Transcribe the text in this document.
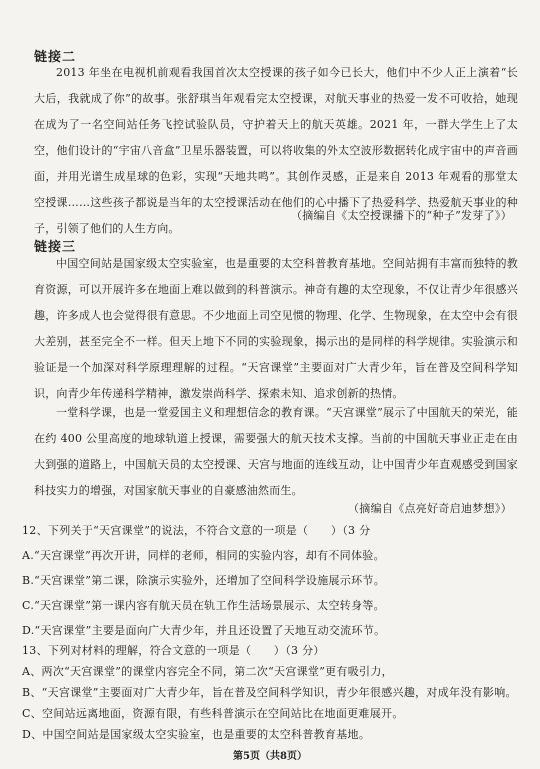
链接二
2013 年坐在电视机前观看我国首次太空授课的孩子如今已长大，他们中不少人正上演着“长大后，我就成了你”的故事。张舒琪当年观看完太空授课，对航天事业的热爱一发不可收拾，她现在成为了一名空间站任务飞控试验队员，守护着天上的航天英雄。2021 年，一群大学生上了太空，他们设计的“宇宙八音盒”卫星乐器装置，可以将收集的外太空波形数据转化成宇宙中的声音画面，并用光谱生成星球的色彩，实现“天地共鸣”。其创作灵感，正是来自 2013 年观看的那堂太空授课……这些孩子都说是当年的太空授课活动在他们的心中播下了热爱科学、热爱航天事业的种子，引领了他们的人生方向。
（摘编自《太空授课播下的“种子”发芽了》）
链接三
中国空间站是国家级太空实验室，也是重要的太空科普教育基地。空间站拥有丰富而独特的教育资源，可以开展许多在地面上难以做到的科普演示。神奇有趣的太空现象，不仅让青少年很感兴趣，许多成人也会觉得很有意思。不少地面上司空见惯的物理、化学、生物现象，在太空中会有很大差别，甚至完全不一样。但天上地下不同的实验现象，揭示出的是同样的科学规律。实验演示和验证是一个加深对科学原理理解的过程。“天宫课堂”主要面对广大青少年，旨在普及空间科学知识，向青少年传递科学精神，激发崇尚科学、探索未知、追求创新的热情。
一堂科学课，也是一堂爱国主义和理想信念的教育课。“天宫课堂”展示了中国航天的荣光，能在约 400 公里高度的地球轨道上授课，需要强大的航天技术支撑。当前的中国航天事业正走在由大到强的道路上，中国航天员的太空授课、天宫与地面的连线互动，让中国青少年直观感受到国家科技实力的增强，对国家航天事业的自豪感油然而生。
（摘编自《点亮好奇启迪梦想》）
12、下列关于“天宫课堂”的说法，不符合文意的一项是（　　）（3 分
A.“天宫课堂”再次开讲，同样的老师，相同的实验内容，却有不同体验。
B.“天宫课堂”第二课，除演示实验外，还增加了空间科学设施展示环节。
C.“天宫课堂”第一课内容有航天员在轨工作生活场景展示、太空转身等。
D.“天宫课堂”主要是面向广大青少年，并且还设置了天地互动交流环节。
13、下列对材料的理解，符合文意的一项是（　　）（3 分）
A、两次“天宫课堂”的课堂内容完全不同，第二次“天宫课堂”更有吸引力，
B、“天宫课堂”主要面对广大青少年，旨在普及空间科学知识，青少年很感兴趣，对成年没有影响。
C、空间站远离地面，资源有限，有些科普演示在空间站比在地面更难展开。
D、中国空间站是国家级太空实验室，也是重要的太空科普教育基地。
第5页（共8页）
